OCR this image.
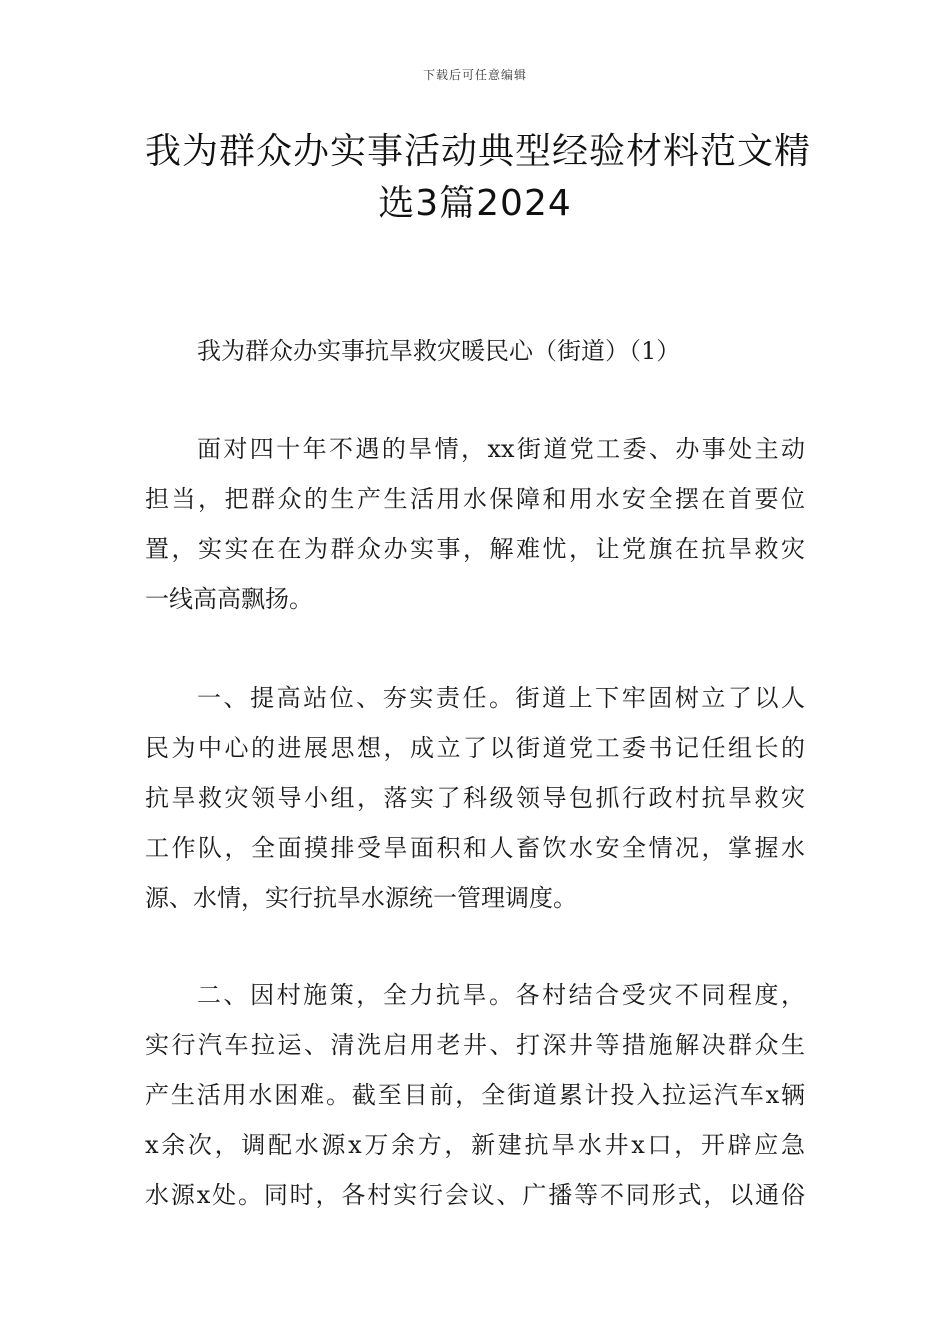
下载后可任意编辑
我为群众办实事活动典型经验材料范文精
选3篇2024
我为群众办实事抗旱救灾暖民心（街道）（1）
面对四十年不遇的旱情，xx街道党工委、办事处主动
担当，把群众的生产生活用水保障和用水安全摆在首要位
置，实实在在为群众办实事，解难忧，让党旗在抗旱救灾
一线高高飘扬。
一、提高站位、夯实责任。街道上下牢固树立了以人
民为中心的进展思想，成立了以街道党工委书记任组长的
抗旱救灾领导小组，落实了科级领导包抓行政村抗旱救灾
工作队，全面摸排受旱面积和人畜饮水安全情况，掌握水
源、水情，实行抗旱水源统一管理调度。
二、因村施策，全力抗旱。各村结合受灾不同程度，
实行汽车拉运、清洗启用老井、打深井等措施解决群众生
产生活用水困难。截至目前，全街道累计投入拉运汽车x辆
x余次，调配水源x万余方，新建抗旱水井x口，开辟应急
水源x处。同时，各村实行会议、广播等不同形式，以通俗
